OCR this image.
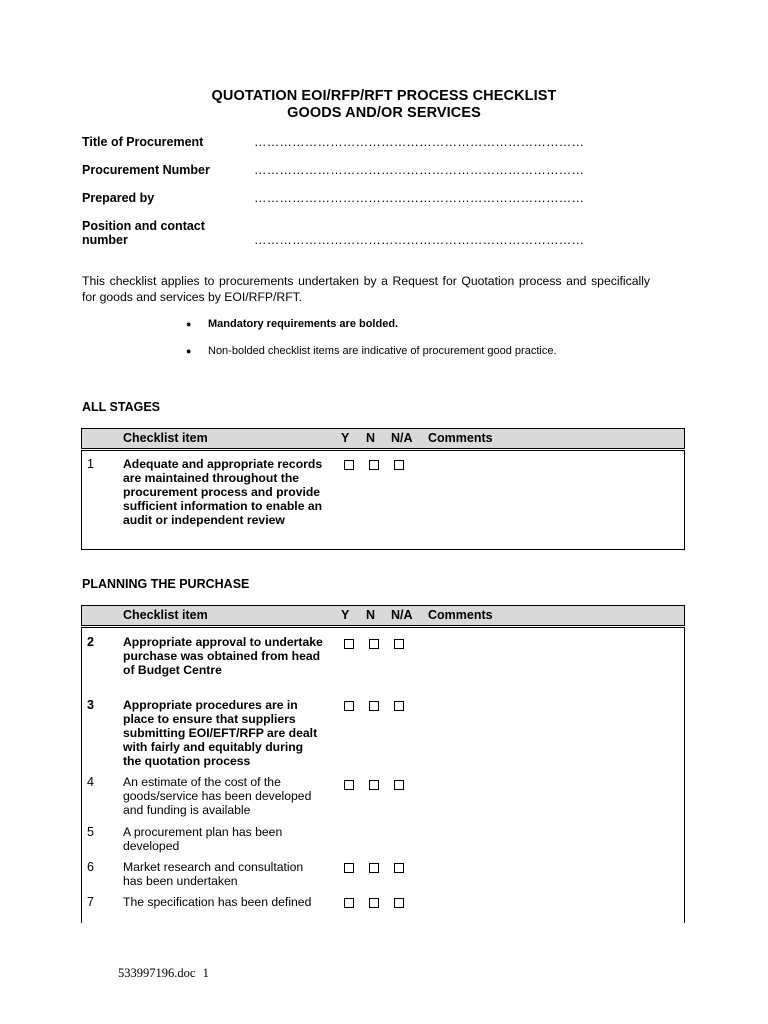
QUOTATION EOI/RFP/RFT PROCESS CHECKLIST
GOODS AND/OR SERVICES
Title of Procurement	……………………………………………………………………
Procurement Number	……………………………………………………………………
Prepared by	……………………………………………………………………
Position and contact number	……………………………………………………………………
This checklist applies to procurements undertaken by a Request for Quotation process and specifically for goods and services by EOI/RFP/RFT.
● Mandatory requirements are bolded.
● Non-bolded checklist items are indicative of procurement good practice.
ALL STAGES
Checklist item	Y N N/A Comments
1 Adequate and appropriate records are maintained throughout the procurement process and provide sufficient information to enable an audit or independent review
PLANNING THE PURCHASE
Checklist item	Y N N/A Comments
2 Appropriate approval to undertake purchase was obtained from head of Budget Centre
3 Appropriate procedures are in place to ensure that suppliers submitting EOI/EFT/RFP are dealt with fairly and equitably during the quotation process
4 An estimate of the cost of the goods/service has been developed and funding is available
5 A procurement plan has been developed
6 Market research and consultation has been undertaken
7 The specification has been defined
533997196.doc 1
